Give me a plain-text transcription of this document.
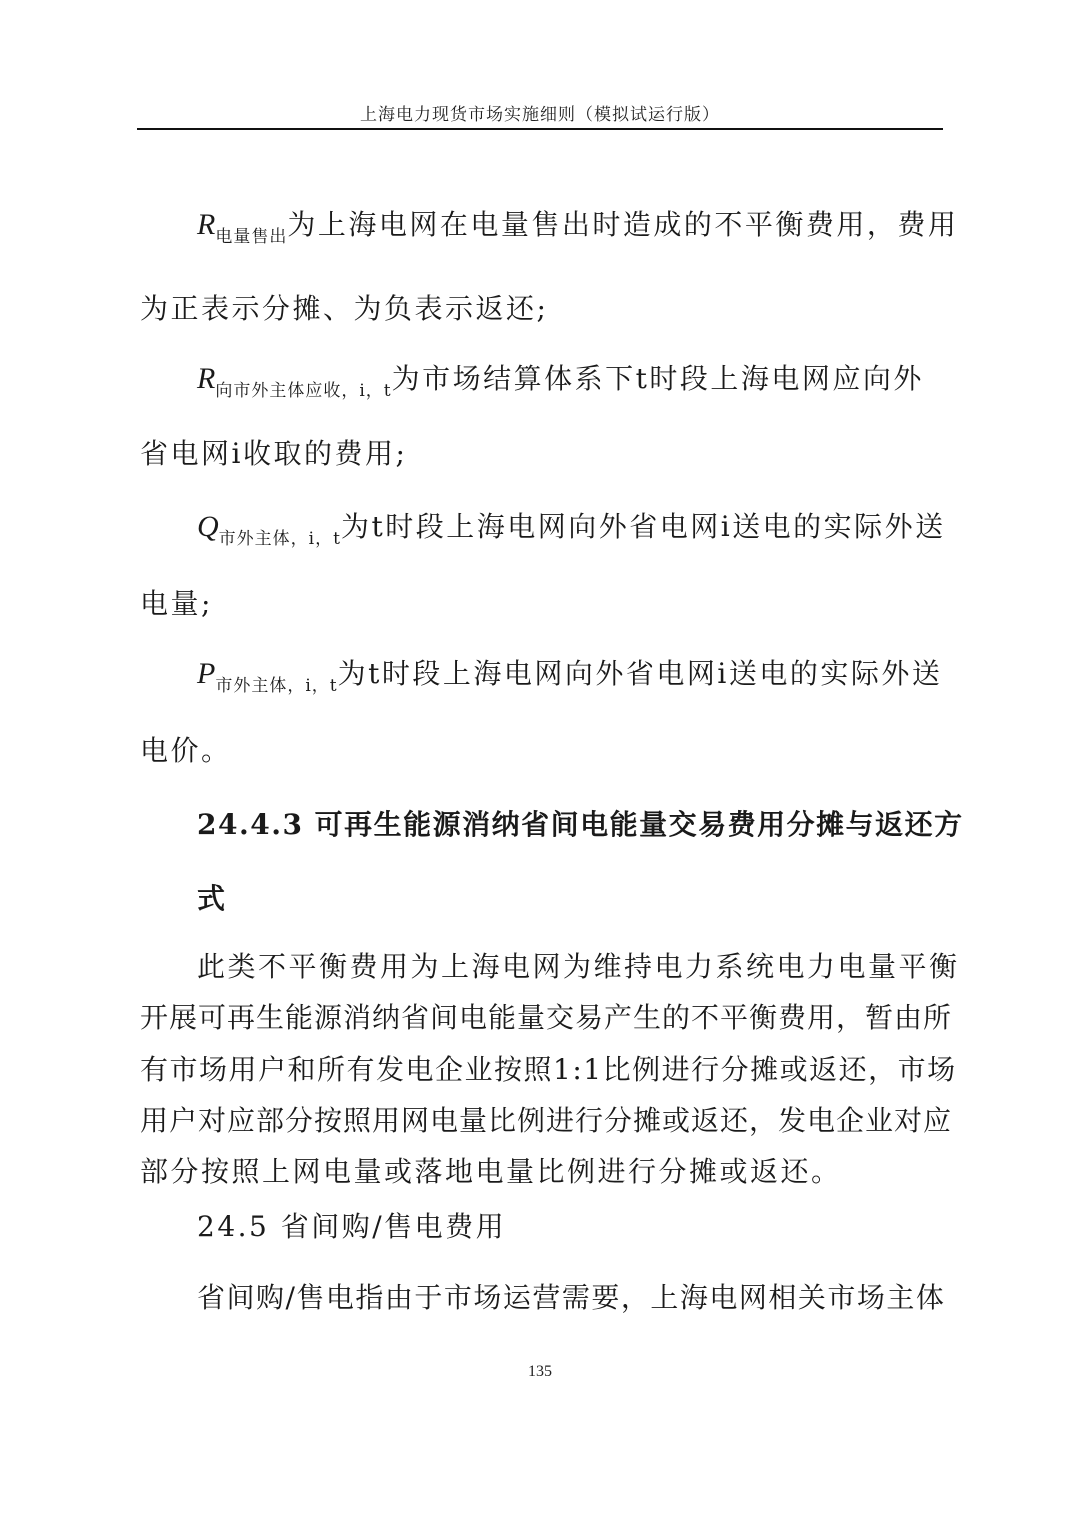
上海电力现货市场实施细则（模拟试运行版）
$R_{电量售出}$为上海电网在电量售出时造成的不平衡费用，费用
为正表示分摊、为负表示返还;
$R_{向市外主体应收,i,t}$为市场结算体系下t时段上海电网应向外
省电网i收取的费用;
$Q_{市外主体,i,t}$为t时段上海电网向外省电网i送电的实际外送
电量;
$P_{市外主体,i,t}$为t时段上海电网向外省电网i送电的实际外送
电价。
24.4.3 可再生能源消纳省间电能量交易费用分摊与返还方
式
此类不平衡费用为上海电网为维持电力系统电力电量平衡
开展可再生能源消纳省间电能量交易产生的不平衡费用，暂由所
有市场用户和所有发电企业按照1:1比例进行分摊或返还，市场
用户对应部分按照用网电量比例进行分摊或返还，发电企业对应
部分按照上网电量或落地电量比例进行分摊或返还。
24.5 省间购/售电费用
省间购/售电指由于市场运营需要，上海电网相关市场主体
135
